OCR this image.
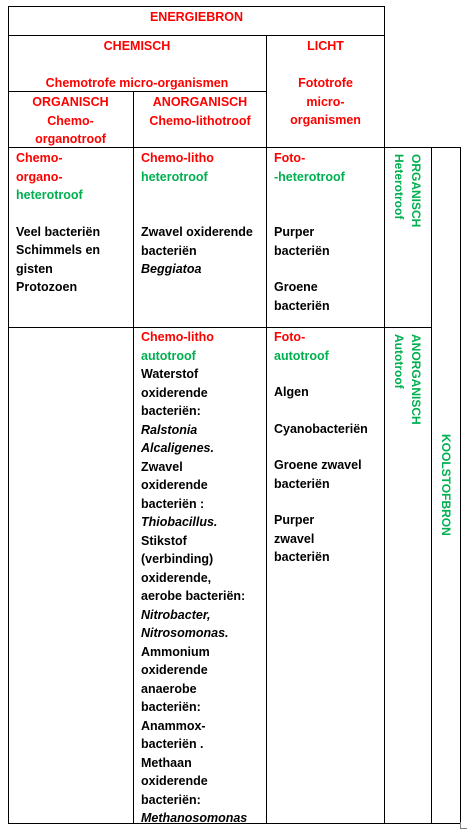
ENERGIEBRON
CHEMISCH
Chemotrofe micro-organismen
LICHT
Fototrofe
micro-
organismen
ORGANISCH
Chemo-
organotroof
ANORGANISCH
Chemo-lithotroof
Chemo-
organo-
heterotroof
Veel bacteriën
Schimmels en
gisten
Protozoen
Chemo-litho
heterotroof
Zwavel oxiderende
bacteriën
Beggiatoa
Foto-
-heterotroof
Purper
bacteriën
Groene
bacteriën
ORGANISCH
Heterotroof
Chemo-litho
autotroof
Waterstof
oxiderende
bacteriën:
Ralstonia
Alcaligenes.
Zwavel
oxiderende
bacteriën :
Thiobacillus.
Stikstof
(verbinding)
oxiderende,
aerobe bacteriën:
Nitrobacter,
Nitrosomonas.
Ammonium
oxiderende
anaerobe
bacteriën:
Anammox-
bacteriën .
Methaan
oxiderende
bacteriën:
Methanosomonas
Foto-
autotroof
Algen
Cyanobacteriën
Groene zwavel
bacteriën
Purper
zwavel
bacteriën
ANORGANISCH
Autotroof
KOOLSTOFBRON
